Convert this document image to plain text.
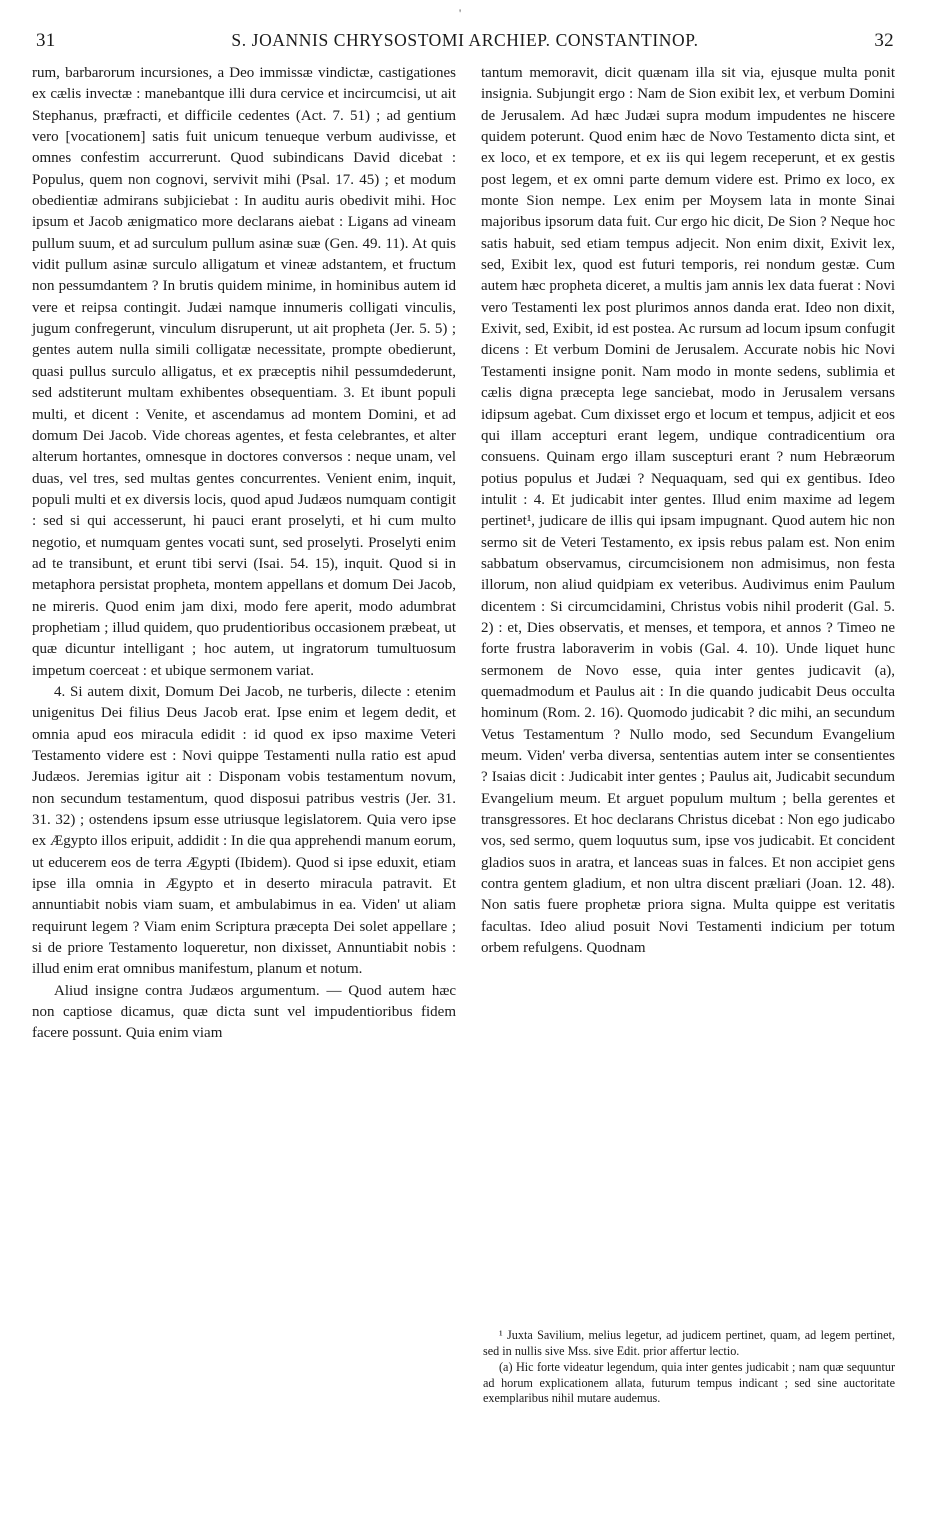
'
31	S. JOANNIS CHRYSOSTOMI ARCHIEP. CONSTANTINOP.	32

rum, barbarorum incursiones, a Deo immissæ vindictæ, castigationes ex cælis invectæ : manebantque illi dura cervice et incircumcisi, ut ait Stephanus, præfracti, et difficile cedentes (Act. 7. 51) ; ad gentium vero [vocationem] satis fuit unicum tenueque verbum audivisse, et omnes confestim accurrerunt. Quod subindicans David dicebat : Populus, quem non cognovi, servivit mihi (Psal. 17. 45) ; et modum obedientiæ admirans subjiciebat : In auditu auris obedivit mihi. Hoc ipsum et Jacob ænigmatico more declarans aiebat : Ligans ad vineam pullum suum, et ad surculum pullum asinæ suæ (Gen. 49. 11). At quis vidit pullum asinæ surculo alligatum et vineæ adstantem, et fructum non pessumdantem ? In brutis quidem minime, in hominibus autem id vere et reipsa contingit. Judæi namque innumeris colligati vinculis, jugum confregerunt, vinculum disruperunt, ut ait propheta (Jer. 5. 5) ; gentes autem nulla simili colligatæ necessitate, prompte obedierunt, quasi pullus surculo alligatus, et ex præceptis nihil pessumdederunt, sed adstiterunt multam exhibentes obsequentiam. 3. Et ibunt populi multi, et dicent : Venite, et ascendamus ad montem Domini, et ad domum Dei Jacob. Vide choreas agentes, et festa celebrantes, et alter alterum hortantes, omnesque in doctores conversos : neque unam, vel duas, vel tres, sed multas gentes concurrentes. Venient enim, inquit, populi multi et ex diversis locis, quod apud Judæos numquam contigit : sed si qui accesserunt, hi pauci erant proselyti, et hi cum multo negotio, et numquam gentes vocati sunt, sed proselyti. Proselyti enim ad te transibunt, et erunt tibi servi (Isai. 54. 15), inquit. Quod si in metaphora persistat propheta, montem appellans et domum Dei Jacob, ne mireris. Quod enim jam dixi, modo fere aperit, modo adumbrat prophetiam ; illud quidem, quo prudentioribus occasionem præbeat, ut quæ dicuntur intelligant ; hoc autem, ut ingratorum tumultuosum impetum coerceat : et ubique sermonem variat.

4. Si autem dixit, Domum Dei Jacob, ne turberis, dilecte : etenim unigenitus Dei filius Deus Jacob erat. Ipse enim et legem dedit, et omnia apud eos miracula edidit : id quod ex ipso maxime Veteri Testamento videre est : Novi quippe Testamenti nulla ratio est apud Judæos. Jeremias igitur ait : Disponam vobis testamentum novum, non secundum testamentum, quod disposui patribus vestris (Jer. 31. 31. 32) ; ostendens ipsum esse utriusque legislatorem. Quia vero ipse ex Ægypto illos eripuit, addidit : In die qua apprehendi manum eorum, ut educerem eos de terra Ægypti (Ibidem). Quod si ipse eduxit, etiam ipse illa omnia in Ægypto et in deserto miracula patravit. Et annuntiabit nobis viam suam, et ambulabimus in ea. Viden' ut aliam requirunt legem ? Viam enim Scriptura præcepta Dei solet appellare ; si de priore Testamento loqueretur, non dixisset, Annuntiabit nobis : illud enim erat omnibus manifestum, planum et notum.

Aliud insigne contra Judæos argumentum. — Quod autem hæc non captiose dicamus, quæ dicta sunt vel impudentioribus fidem facere possunt. Quia enim viam

tantum memoravit, dicit quænam illa sit via, ejusque multa ponit insignia. Subjungit ergo : Nam de Sion exibit lex, et verbum Domini de Jerusalem. Ad hæc Judæi supra modum impudentes ne hiscere quidem poterunt. Quod enim hæc de Novo Testamento dicta sint, et ex loco, et ex tempore, et ex iis qui legem receperunt, et ex gestis post legem, et ex omni parte demum videre est. Primo ex loco, ex monte Sion nempe. Lex enim per Moysem lata in monte Sinai majoribus ipsorum data fuit. Cur ergo hic dicit, De Sion ? Neque hoc satis habuit, sed etiam tempus adjecit. Non enim dixit, Exivit lex, sed, Exibit lex, quod est futuri temporis, rei nondum gestæ. Cum autem hæc propheta diceret, a multis jam annis lex data fuerat : Novi vero Testamenti lex post plurimos annos danda erat. Ideo non dixit, Exivit, sed, Exibit, id est postea. Ac rursum ad locum ipsum confugit dicens : Et verbum Domini de Jerusalem. Accurate nobis hic Novi Testamenti insigne ponit. Nam modo in monte sedens, sublimia et cælis digna præcepta lege sanciebat, modo in Jerusalem versans idipsum agebat. Cum dixisset ergo et locum et tempus, adjicit et eos qui illam accepturi erant legem, undique contradicentium ora consuens. Quinam ergo illam suscepturi erant ? num Hebræorum potius populus et Judæi ? Nequaquam, sed qui ex gentibus. Ideo intulit : 4. Et judicabit inter gentes. Illud enim maxime ad legem pertinet¹, judicare de illis qui ipsam impugnant. Quod autem hic non sermo sit de Veteri Testamento, ex ipsis rebus palam est. Non enim sabbatum observamus, circumcisionem non admisimus, non festa illorum, non aliud quidpiam ex veteribus. Audivimus enim Paulum dicentem : Si circumcidamini, Christus vobis nihil proderit (Gal. 5. 2) : et, Dies observatis, et menses, et tempora, et annos ? Timeo ne forte frustra laboraverim in vobis (Gal. 4. 10). Unde liquet hunc sermonem de Novo esse, quia inter gentes judicavit (a), quemadmodum et Paulus ait : In die quando judicabit Deus occulta hominum (Rom. 2. 16). Quomodo judicabit ? dic mihi, an secundum Vetus Testamentum ? Nullo modo, sed Secundum Evangelium meum. Viden' verba diversa, sententias autem inter se consentientes ? Isaias dicit : Judicabit inter gentes ; Paulus ait, Judicabit secundum Evangelium meum. Et arguet populum multum ; bella gerentes et transgressores. Et hoc declarans Christus dicebat : Non ego judicabo vos, sed sermo, quem loquutus sum, ipse vos judicabit. Et concident gladios suos in aratra, et lanceas suas in falces. Et non accipiet gens contra gentem gladium, et non ultra discent præliari (Joan. 12. 48). Non satis fuere prophetæ priora signa. Multa quippe est veritatis facultas. Ideo aliud posuit Novi Testamenti indicium per totum orbem refulgens. Quodnam

¹ Juxta Savilium, melius legetur, ad judicem pertinet, quam, ad legem pertinet, sed in nullis sive Mss. sive Edit. prior affertur lectio.

(a) Hic forte videatur legendum, quia inter gentes judicabit ; nam quæ sequuntur ad horum explicationem allata, futurum tempus indicant ; sed sine auctoritate exemplaribus nihil mutare audemus.
